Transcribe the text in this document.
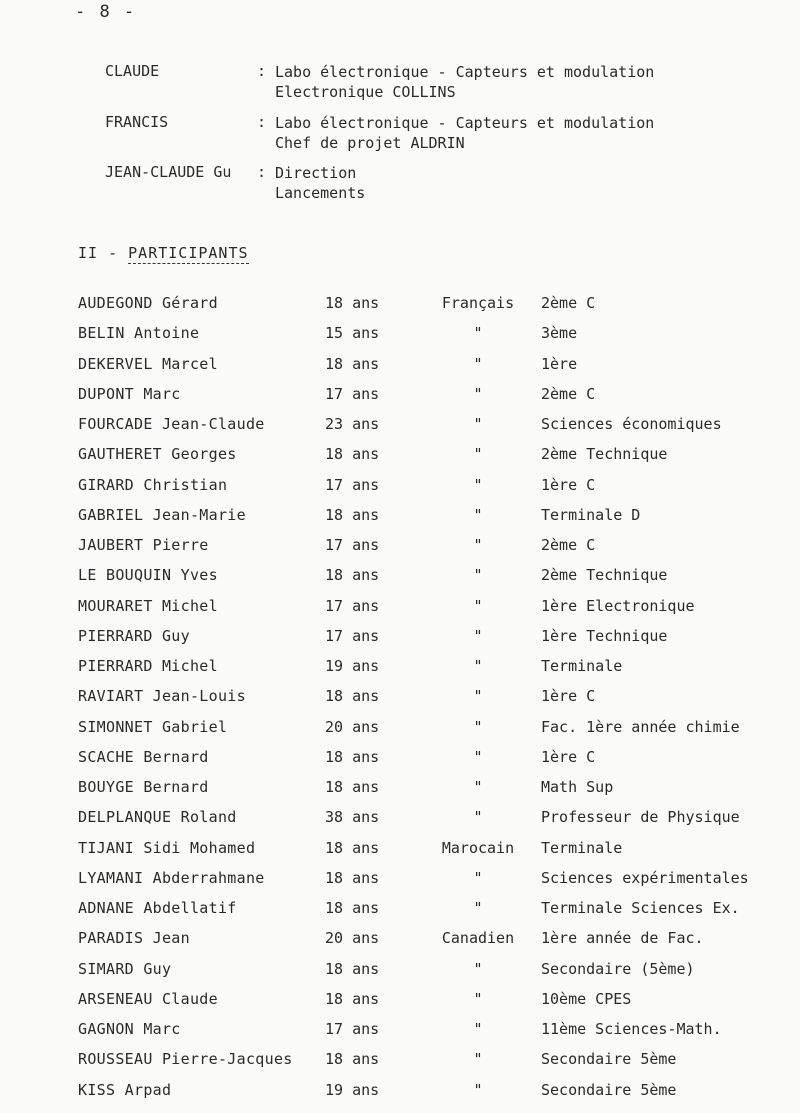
- 8 -
CLAUDE	: Labo électronique - Capteurs et modulation
Electronique COLLINS
FRANCIS	: Labo électronique - Capteurs et modulation
Chef de projet ALDRIN
JEAN-CLAUDE Gu : Direction
Lancements
II - PARTICIPANTS
AUDEGOND Gérard	18 ans	Français	2ème C
BELIN Antoine	15 ans	"	3ème
DEKERVEL Marcel	18 ans	"	1ère
DUPONT Marc	17 ans	"	2ème C
FOURCADE Jean-Claude	23 ans	"	Sciences économiques
GAUTHERET Georges	18 ans	"	2ème Technique
GIRARD Christian	17 ans	"	1ère C
GABRIEL Jean-Marie	18 ans	"	Terminale D
JAUBERT Pierre	17 ans	"	2ème C
LE BOUQUIN Yves	18 ans	"	2ème Technique
MOURARET Michel	17 ans	"	1ère Electronique
PIERRARD Guy	17 ans	"	1ère Technique
PIERRARD Michel	19 ans	"	Terminale
RAVIART Jean-Louis	18 ans	"	1ère C
SIMONNET Gabriel	20 ans	"	Fac. 1ère année chimie
SCACHE Bernard	18 ans	"	1ère C
BOUYGE Bernard	18 ans	"	Math Sup
DELPLANQUE Roland	38 ans	"	Professeur de Physique
TIJANI Sidi Mohamed	18 ans	Marocain	Terminale
LYAMANI Abderrahmane	18 ans	"	Sciences expérimentales
ADNANE Abdellatif	18 ans	"	Terminale Sciences Ex.
PARADIS Jean	20 ans	Canadien	1ère année de Fac.
SIMARD Guy	18 ans	"	Secondaire (5ème)
ARSENEAU Claude	18 ans	"	10ème CPES
GAGNON Marc	17 ans	"	11ème Sciences-Math.
ROUSSEAU Pierre-Jacques 18 ans	"	Secondaire 5ème
KISS Arpad	19 ans	"	Secondaire 5ème
